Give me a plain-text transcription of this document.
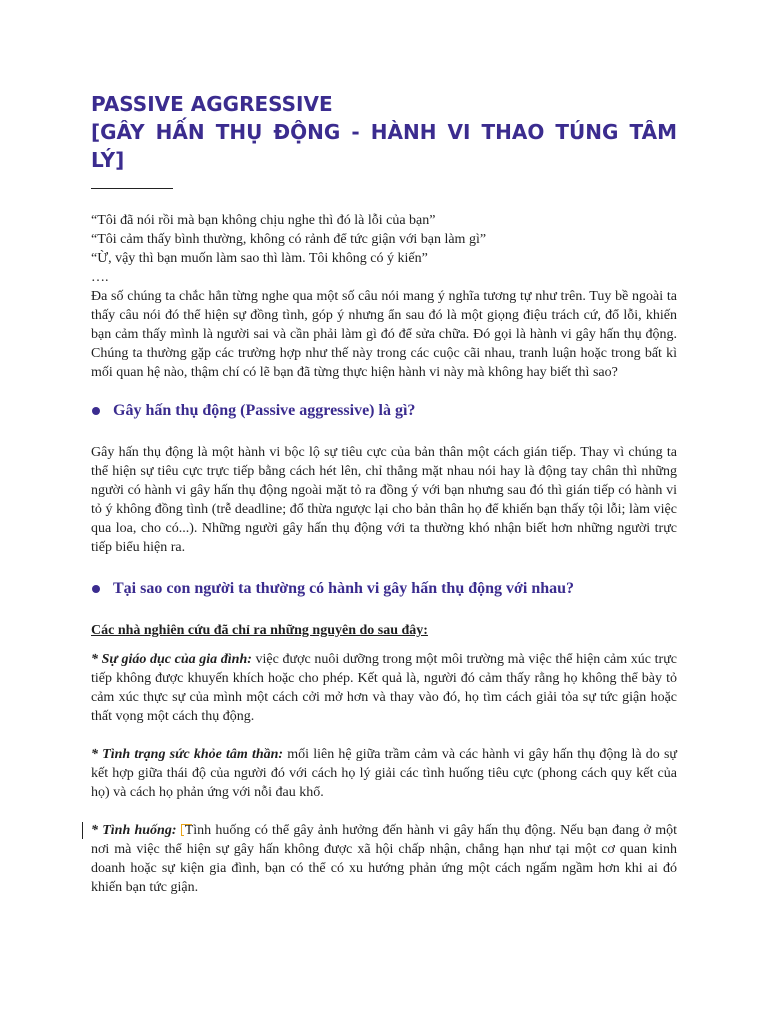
PASSIVE AGGRESSIVE
[GÂY HẤN THỤ ĐỘNG - HÀNH VI THAO TÚNG TÂM LÝ]
“Tôi đã nói rồi mà bạn không chịu nghe thì đó là lỗi của bạn”
“Tôi cảm thấy bình thường, không có rảnh để tức giận với bạn làm gì”
“Ừ, vậy thì bạn muốn làm sao thì làm. Tôi không có ý kiến”
….

Đa số chúng ta chắc hẳn từng nghe qua một số câu nói mang ý nghĩa tương tự như trên. Tuy bề ngoài ta thấy câu nói đó thể hiện sự đồng tình, góp ý nhưng ẩn sau đó là một giọng điệu trách cứ, đổ lỗi, khiến bạn cảm thấy mình là người sai và cần phải làm gì đó để sửa chữa. Đó gọi là hành vi gây hấn thụ động. Chúng ta thường gặp các trường hợp như thế này trong các cuộc cãi nhau, tranh luận hoặc trong bất kì mối quan hệ nào, thậm chí có lẽ bạn đã từng thực hiện hành vi này mà không hay biết thì sao?

Gây hấn thụ động (Passive aggressive) là gì?

Gây hấn thụ động là một hành vi bộc lộ sự tiêu cực của bản thân một cách gián tiếp. Thay vì chúng ta thể hiện sự tiêu cực trực tiếp bằng cách hét lên, chỉ thẳng mặt nhau nói hay là động tay chân thì những người có hành vi gây hấn thụ động ngoài mặt tỏ ra đồng ý với bạn nhưng sau đó thì gián tiếp có hành vi tỏ ý không đồng tình (trễ deadline; đổ thừa ngược lại cho bản thân họ để khiến bạn thấy tội lỗi; làm việc qua loa, cho có...). Những người gây hấn thụ động với ta thường khó nhận biết hơn những người trực tiếp biểu hiện ra.

Tại sao con người ta thường có hành vi gây hấn thụ động với nhau?

Các nhà nghiên cứu đã chỉ ra những nguyên do sau đây:

* Sự giáo dục của gia đình: việc được nuôi dưỡng trong một môi trường mà việc thể hiện cảm xúc trực tiếp không được khuyến khích hoặc cho phép. Kết quả là, người đó cảm thấy rằng họ không thể bày tỏ cảm xúc thực sự của mình một cách cởi mở hơn và thay vào đó, họ tìm cách giải tỏa sự tức giận hoặc thất vọng một cách thụ động.

* Tình trạng sức khỏe tâm thần: mối liên hệ giữa trầm cảm và các hành vi gây hấn thụ động là do sự kết hợp giữa thái độ của người đó với cách họ lý giải các tình huống tiêu cực (phong cách quy kết của họ) và cách họ phản ứng với nỗi đau khổ.

* Tình huống: Tình huống có thể gây ảnh hưởng đến hành vi gây hấn thụ động. Nếu bạn đang ở một nơi mà việc thể hiện sự gây hấn không được xã hội chấp nhận, chẳng hạn như tại một cơ quan kinh doanh hoặc sự kiện gia đình, bạn có thể có xu hướng phản ứng một cách ngấm ngầm hơn khi ai đó khiến bạn tức giận.
